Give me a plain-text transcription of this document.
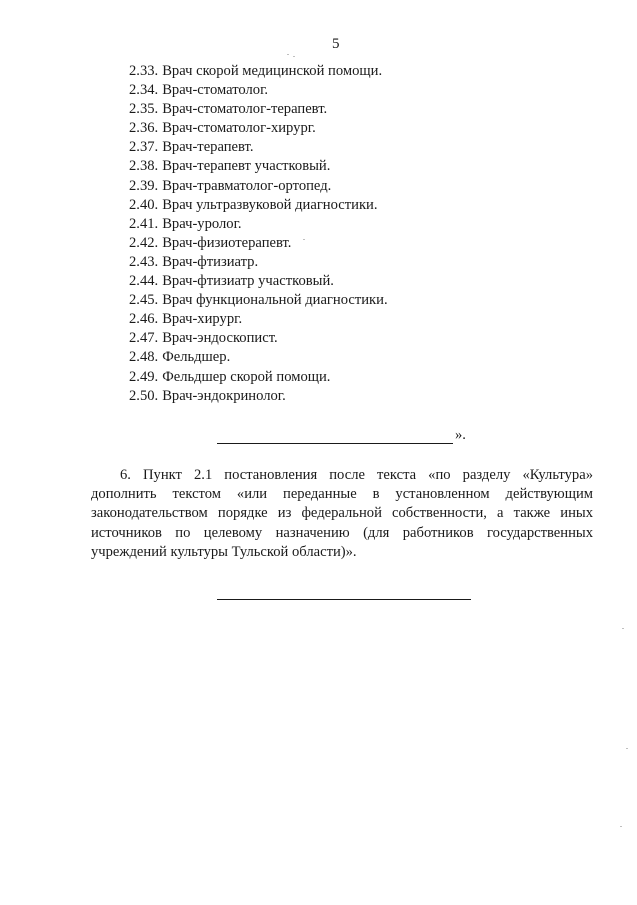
5
2.33. Врач скорой медицинской помощи.
2.34. Врач-стоматолог.
2.35. Врач-стоматолог-терапевт.
2.36. Врач-стоматолог-хирург.
2.37. Врач-терапевт.
2.38. Врач-терапевт участковый.
2.39. Врач-травматолог-ортопед.
2.40. Врач ультразвуковой диагностики.
2.41. Врач-уролог.
2.42. Врач-физиотерапевт.
2.43. Врач-фтизиатр.
2.44. Врач-фтизиатр участковый.
2.45. Врач функциональной диагностики.
2.46. Врач-хирург.
2.47. Врач-эндоскопист.
2.48. Фельдшер.
2.49. Фельдшер скорой помощи.
2.50. Врач-эндокринолог.
».
6. Пункт 2.1 постановления после текста «по разделу «Культура»
дополнить текстом «или переданные в установленном действующим
законодательством порядке из федеральной собственности, а также иных
источников по целевому назначению (для работников государственных
учреждений культуры Тульской области)».
